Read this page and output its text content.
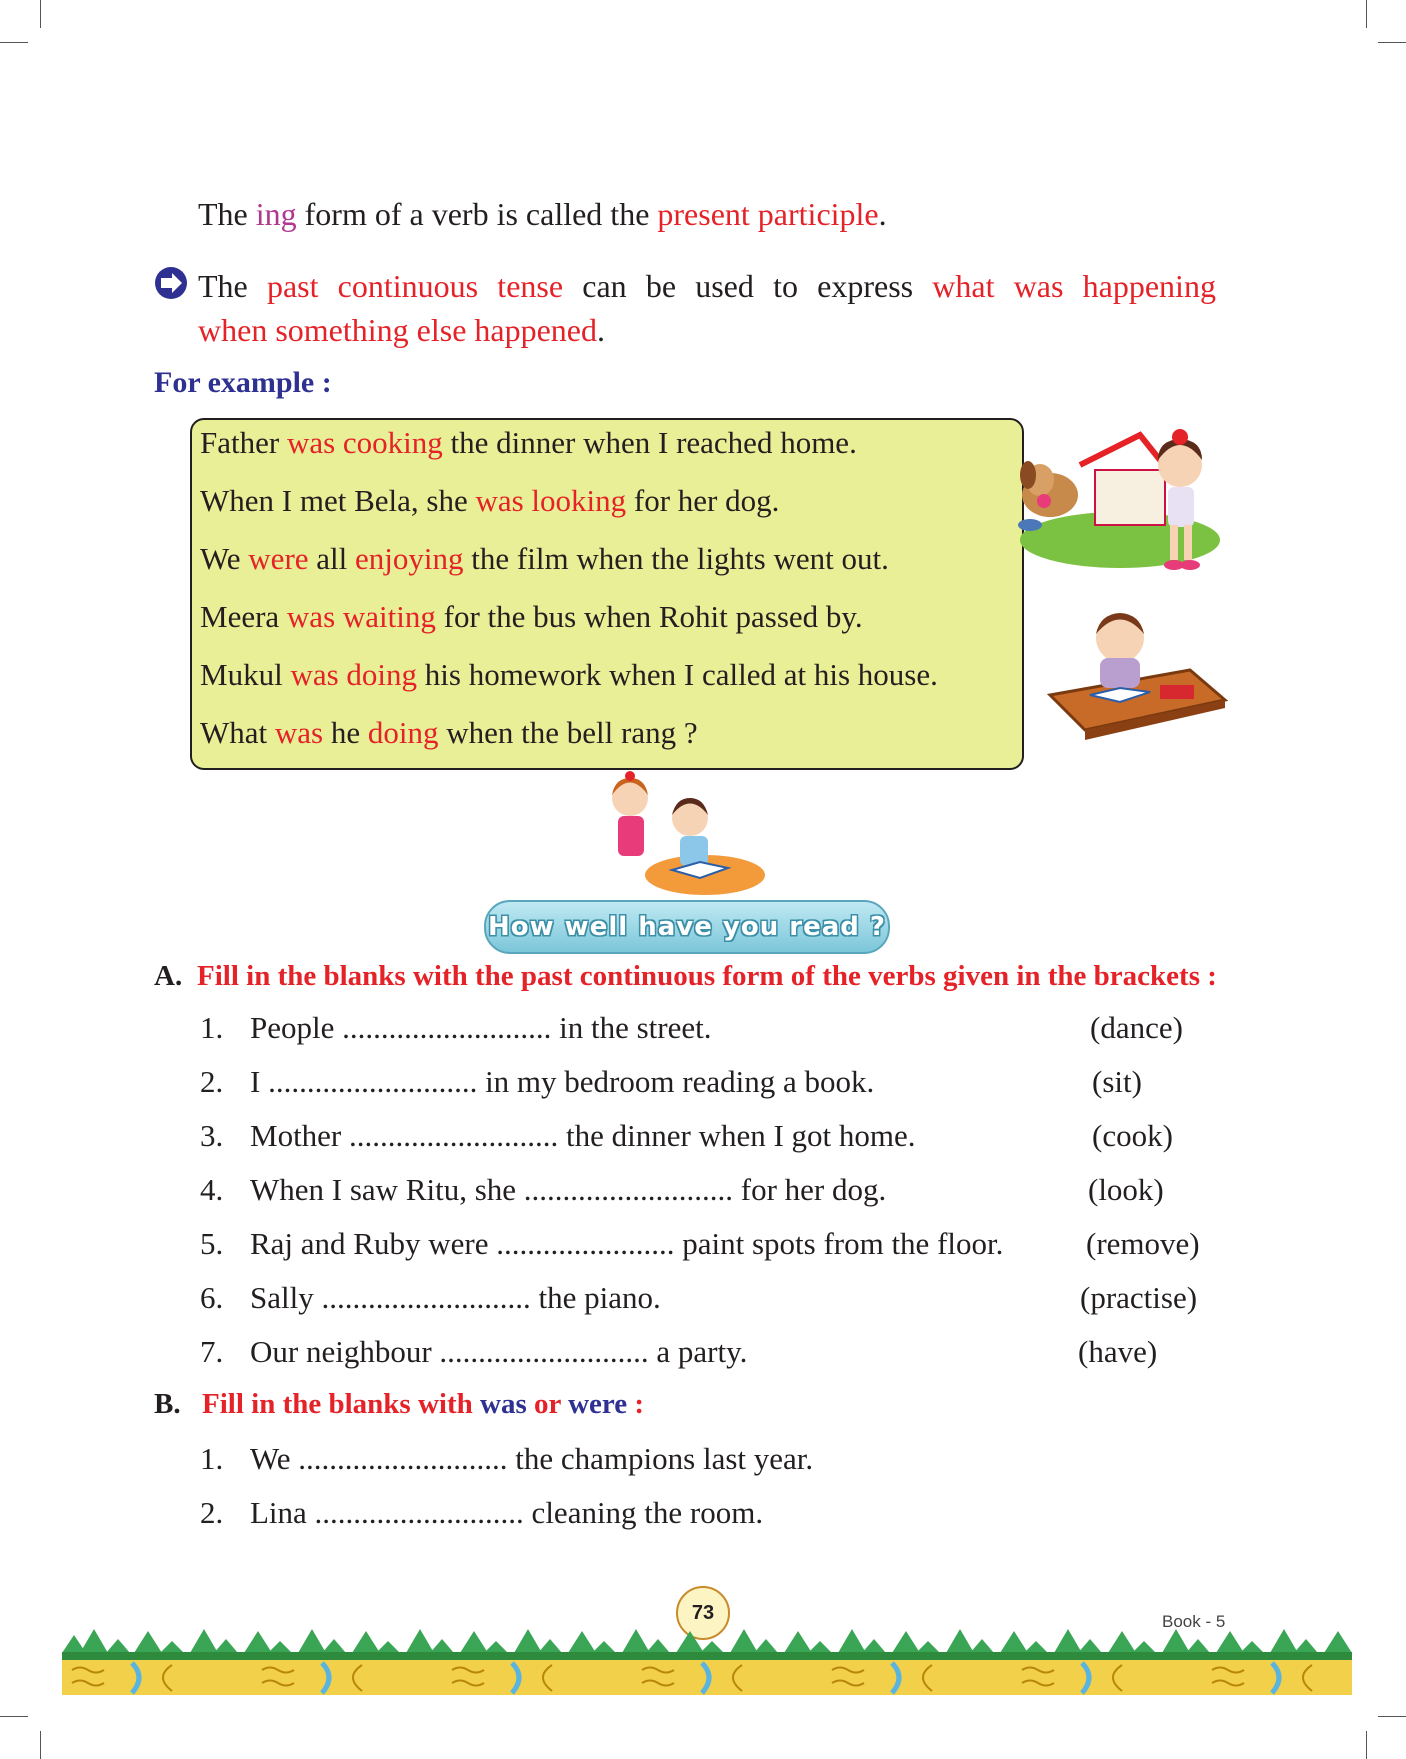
The ing form of a verb is called the present participle.
The past continuous tense can be used to express what was happening
when something else happened.
For example :
Father was cooking the dinner when I reached home.
When I met Bela, she was looking for her dog.
We were all enjoying the film when the lights went out.
Meera was waiting for the bus when Rohit passed by.
Mukul was doing his homework when I called at his house.
What was he doing when the bell rang ?
How well have you read ?
A. Fill in the blanks with the past continuous form of the verbs given in the brackets :
1. People ........................... in the street.	(dance)
2. I ........................... in my bedroom reading a book.	(sit)
3. Mother ........................... the dinner when I got home.	(cook)
4. When I saw Ritu, she ........................... for her dog.	(look)
5. Raj and Ruby were ....................... paint spots from the floor.	(remove)
6. Sally ........................... the piano.	(practise)
7. Our neighbour ........................... a party.	(have)
B. Fill in the blanks with was or were :
1. We ........................... the champions last year.
2. Lina ........................... cleaning the room.
73	Book - 5
